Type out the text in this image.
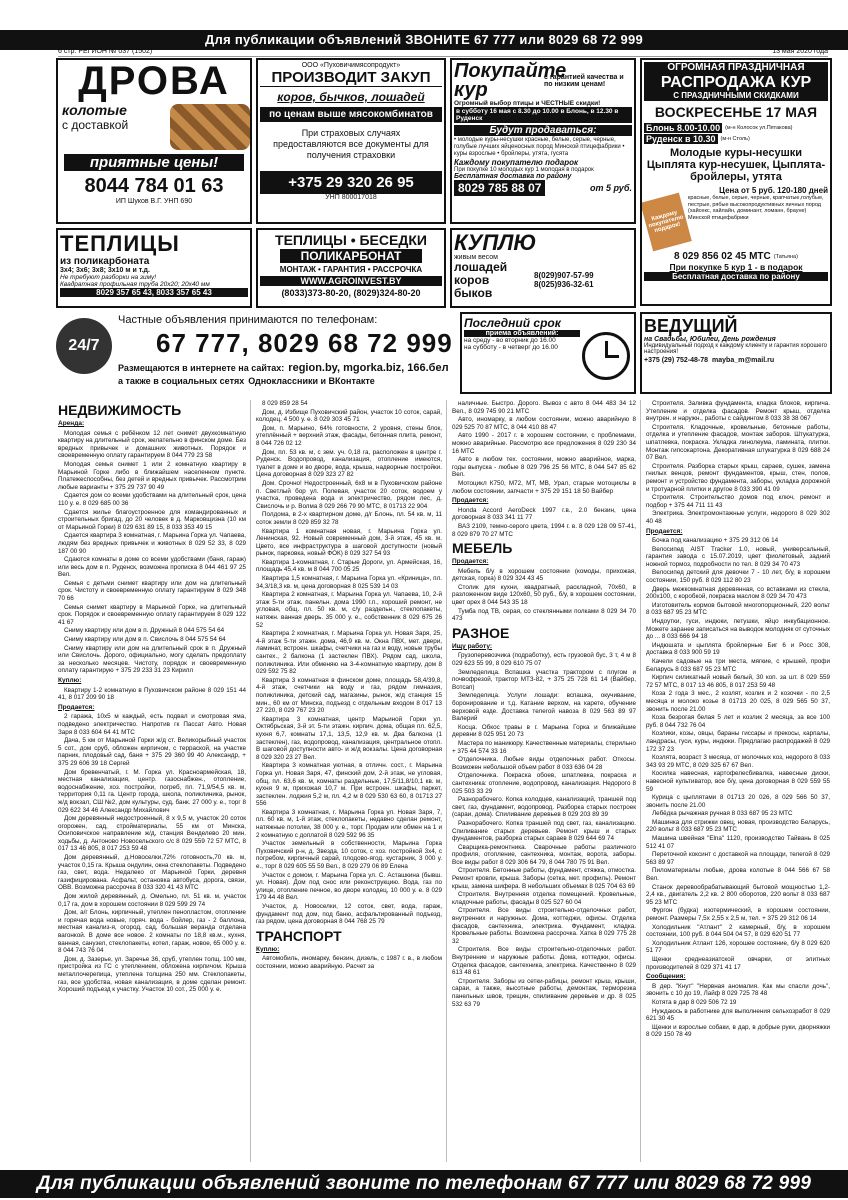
Для публикации объявлений ЗВОНИТЕ 67 777 или 8029 68 72 999
6 стр. РЕГИОН № 037 (1502)	13 мая 2020 года
ДРОВА
колотые
с доставкой
приятные цены!
8044 784 01 63
ИП Шуков В.Г. УНП 690
ООО «Пуховичимясопродукт»
ПРОИЗВОДИТ ЗАКУП
коров, бычков, лошадей
по ценам выше мясокомбинатов
При страховых случаях предоставляются все документы для получения страховки
+375 29 320 26 95
УНП 800017018
Покупайте кур
с гарантией качества и по низким ценам!
Огромный выбор птицы и ЧЕСТНЫЕ скидки!
в субботу 16 мая с 8.30 до 10.00 в Блонь, в 12.30 в Руденск
Будут продаваться:
• молодые куры-несушки красные, белые, серые, черные, голубые лучших яйценосных пород Минской птицефабрики • куры взрослые • бройлеры, утята, гусята
Каждому покупателю подарок
При покупке 10 молодых кур 1 молодая в подарок
Бесплатная доставка по району
8029 785 88 07	от 5 руб.
ОГРОМНАЯ ПРАЗДНИЧНАЯ
РАСПРОДАЖА КУР
С ПРАЗДНИЧНЫМИ СКИДКАМИ
ВОСКРЕСЕНЬЕ 17 МАЯ
Блонь 8.00-10.00 (м-н Колосок ул.Пятакова)
Руденск в 10.30 (м-н Столь)
Молодые куры-несушки Цыплята кур-несушек, Цыплята-бройлеры, утята
Цена от 5 руб. 120-180 дней
Каждому покупателю подарок!
красные, белые, серые, черные, крапчатые,голубые, пестрые, рябые высокопродуктивных яичных пород (хайсекс, хайлайн, доминант, ломанн, брауне) Минской птицефабрики
8 029 856 02 45 МТС (Татьяна)
При покупке 5 кур 1 - в подарок
Бесплатная доставка по району
ТЕПЛИЦЫ
из поликарбоната
3x4; 3x6; 3x8; 3x10 м и т.д.
Не требуют разборки на зиму!
Квадратная профильная труба 20x20; 20x40 мм
8029 357 65 43, 8033 357 65 43
ТЕПЛИЦЫ • БЕСЕДКИ
ПОЛИКАРБОНАТ
МОНТАЖ • ГАРАНТИЯ • РАССРОЧКА
WWW.AGROINVEST.BY
(8033)373-80-20, (8029)324-80-20
КУПЛЮ
живым весом
лошадей
коров
быков
8(029)907-57-99
8(025)936-32-61
24/7
Частные объявления принимаются по телефонам:
67 777, 8029 68 72 999
Размещаются в интернете на сайтах: region.by, mgorka.biz, 166.бел
а также в социальных сетях Одноклассники и ВКонтакте
Последний срок
приема объявлений:
на среду - во вторник до 16.00
на субботу - в четверг до 16.00
ВЕДУЩИЙ
на Свадьбы, Юбилеи, День рождения
Индивидуальный подход к каждому клиенту и гарантия хорошего настроения!
+375 (29) 752-48-78 mayba_m@mail.ru
НЕДВИЖИМОСТЬ
Аренда:

Молодая семья с ребёнком 12 лет снимет двухкомнатную квартиру на длительный срок, желательно в финском доме. Без вредных привычек и домашних животных. Порядок и своевременную оплату гарантируем 8 044 779 23 58

Молодая семья снимет 1 или 2 комнатную квартиру в Марьиной Горке либо в ближайшем населенном пункте. Платежеспособны, без детей и вредных привычек. Рассмотрим любые варианты + 375 29 737 90 49

Сдается дом со всеми удобствами на длительный срок, цена 110 у. е. 8 029 685 00 36

Сдается жилье благоустроенное для командированных и строительных бригад, до 20 человек в д. Марковщизна (10 км от Марьиной Горки) 8 029 631 89 15, 8 033 353 49 15

Сдается квартира 3 комнатная, г. Марьина Горка ул. Чапаева, людям без вредных привычек и животных 8 029 52 33, 8 029 187 00 90

Сдаются комнаты в доме со всеми удобствами (баня, гараж) или весь дом в п. Руденск, возможна прописка 8 044 461 97 25 Вел.

Семья с детьми снимет квартиру или дом на длительный срок. Чистоту и своевременную оплату гарантируем 8 029 348 70 66

Семья снимет квартиру в Марьиной Горке, на длительный срок. Порядок и своевременную оплату гарантируем 8 029 122 41 67

Сниму квартиру или дом в п. Дружный 8 044 575 54 64

Сниму квартиру или дом в п. Свислочь 8 044 575 54 64

Сниму квартиру или дом на длительный срок в п. Дружный или Свислочь. Дорого, официально, могу сделать предоплату за несколько месяцев. Чистоту, порядок и своевременную оплату гарантирую + 375 29 233 31 23 Кирилл

Куплю:

Квартиру 1-2 комнатную в Пуховичском районе 8 029 151 44 41, 8 017 209 90 18

Продается:

2 гаража, 10х5 м каждый, есть подвал и смотровая яма, подведено электричество. Напротив гк Пассат Авто. Новая Заря 8 033 604 64 41 МТС

Дача, 5 км от Марьиной Горки ж/д ст. Великорыбный участок 5 сот., дом сруб, обложен кирпичом, с терраской, на участке парник, плодовый сад, баня + 375 29 360 99 40 Александр, + 375 29 606 39 18 Сергей

Дом бревенчатый, г. М. Горка ул. Красноармейская, 18, местная канализация, центр. газоснабжен., отопление, водоснабжение, хоз. постройки, погреб, пл. 71,9/54,5 кв. м, территория 0,11 га. Центр города, школа, поликлиника, рынок, ж/д вокзал, СШ №2, дом культуры, суд, банк. 27 000 у. е., торг 8 029 622 34 46 Александр Михайлович

Дом деревянный недостроенный, 8 х 9,5 м, участок 20 соток огорожен, сад, стройматериалы, 55 км от Минска, Осиповичское направление ж/д, станция Венделево 20 мин. ходьбы, д. Антоново Новосельского с/с 8 029 559 72 57 МТС, 8 017 13 46 805, 8 017 253 59 48

Дом деревянный, д.Новоселки,72% готовность,70 кв. м, участок 0,15 га. Крыша ондулин, окна стеклопакеты. Подведено газ, свет, вода. Недалеко от Марьиной Горки, деревня газифицирована. Асфальт, остановка автобуса, дорога, связи, ОВВ. Возможна рассрочка 8 033 320 41 43 МТС

Дом жилой деревянный, д. Омельно, пл. 51 кв. м, участок 0,17 га, дом в хорошем состоянии 8 029 599 29 74

Дом, а/г Блонь, кирпичный, утеплен пенопластом, отопление и горячая вода новые, горяч. вода - бойлер, газ - 2 баллона, местная канализ-я, огород, сад, большая веранда отделана вагонкой. В доме все новое. 2 комнаты по 18,8 кв.м., кухня, ванная, санузел, стеклопакеты, котел, гараж, новое, 65 000 у. е. 8 044 743 76 04

Дом, д. Зазерье, ул. Заречье 36, сруб, утеплен толщ. 100 мм, пристройка из ГС с утеплением, обложена кирпичом. Крыша металлочерепица, утеплена толщина 250 мм. Стеклопакеты, газ, все удобства, новая канализация, в доме сделан ремонт. Хороший подъезд к участку. Участок 10 сот., 25 000 у. е.

8 029 859 28 54

Дом, д. Избище Пуховичский район, участок 10 соток, сарай, колодец, 4 500 у. е. 8 029 303 45 71

Дом, п. Марьино, 64% готовности, 2 уровня, стены блок, утеплённый + верхний этаж, фасады, бетонная плита, ремонт, 8 044 726 02 12

Дом, пл. 53 кв. м, с зем. уч. 0,18 га, расположен в центре г. Руденск. Водопровод, канализация, отопление имеются, туалет в доме и во дворе, вода, крыша, надворные постройки. Цена договорная 8 029 323 27 82

Дом. Срочно! Недостроенный, 6х8 м в Пуховичском районе п. Светлый бор ул. Полевая, участок 20 соток, водоем у участка, проведена вода и электричество, рядом лес, д. Свислочь и р. Волма 8 029 266 79 90 МТС, 8 01713 22 904

Полдома, в 2-х квартирном доме, д/г Блонь, пл. 54 кв. м, 11 соток земли 8 029 859 32 78

Квартира 1 комнатная новая, г. Марьина Горка ул. Ленинская, 92. Новый современный дом, 3-й этаж, 45 кв. м. Цвето, все инфраструктура в шаговой доступности (новый рынок, парковка, новый ФОК) 8 029 327 54 93

Квартира 1-комнатная, г. Старые Дороги, ул. Армейская, 16, площадь 45,4 кв. м 8 044 700 05 25

Квартира 1,5 комнатная, г. Марьина Горка ул. «Криница», пл. 34,3/18,3 кв. м, цена договорная 8 025 539 14 03

Квартира 2 комнатная, г. Марьина Горка ул. Чапаева, 10, 2-й этаж 5-ти этаж. панельн. дома 1990 г.п., хороший ремонт, не угловая, общ. пл. 50 кв. м, с/у раздельн., стеклопакеты, натяжн. ванная дверь. 35 000 у. е., собственник 8 029 675 26 52

Квартира 2 комнатная, г. Марьина Горка ул. Новая Заря, 25, 4-й этаж 5-ти этажн. дома, 46,9 кв. м. Окна ПВХ, мет. двери, ламинат, встроен. шкафы, счетчики на газ и воду, новые трубы сантех., 2 балкона (1 застеклен ПВХ). Рядом сад, школа, поликлиника. Или обменяю на 3-4-комнатную квартиру, дом 8 029 592 75 82

Квартира 3 комнатная в финском доме, площадь 58,4/39,8, 4-й этаж, счетчики на воду и газ, рядом гимназия, поликлиника, детский сад, магазины, рынок, ж/д станция 15 мин., 60 км от Минска, подъезд с отдельным входом 8 017 13 27 220, 8 029 767 23 20

Квартира 3 комнатная, центр Марьиной Горки ул. Октябрьская, 3-й эт. 5-ти этажн. кирпич. дома, общая пл. 62,5, кухня 6,7, комнаты 17,1, 13,5, 12,9 кв. м. Два балкона (1 застеклен), газ, водопровод, канализация, центральное отопл. В шаговой доступности авто- и ж/д вокзалы. Цена договорная 8 029 320 23 27 Вел.

Квартира 3 комнатная уютная, в отличн. сост., г. Марьина Горка ул. Новая Заря, 47, финский дом, 2-й этаж, не угловая, общ. пл. 63,6 кв. м, комнаты раздельные, 17,5/11,8/10,1 кв. м, кухня 9 м, прихожая 10,7 м. При встроен. шкафы, паркет, застеклен. лоджия 5,2 м, пл. 4,2 м 8 029 530 63 60, 8 01713 27 556

Квартира 3 комнатная, г. Марьина Горка ул. Новая Заря, 7, пл. 60 кв. м, 1-й этаж, стеклопакеты, недавно сделан ремонт, натяжные потолки, 38 000 у. е., торг. Продам или обмен на 1 и 2 комнатную с доплатой 8 029 592 96 35

Участок земельный в собственности, Марьина Горка Пуховичский р-н, д. Звезда, 10 соток, с хоз. постройкой 3х4, с погребом, кирпичный сарай, плодово-ягод. кустарник, 3 000 у. е., торг 8 029 605 55 59 Вел., 8 029 279 06 89 Елена

Участок с домом, г. Марьина Горка ул. С. Асташкина (бывш. ул. Новая). Дом под снос или реконструкцию. Вода, газ по улице, отопление печное, во дворе колодец, 10 000 у. е. 8 029 179 44 48 Вел.

Участок, д. Новоселки, 12 соток, свет, вода, гараж, фундамент под дом, под баню, асфальтированный подъезд, газ рядом, цена договорная 8 044 768 25 79

ТРАНСПОРТ
Куплю:

Автомобиль, иномарку, бензин, дизель, с 1987 г. в., в любом состоянии, можно аварийную. Расчет за

наличные. Быстро. Дорого. Вывоз с авто 8 044 483 34 12 Вел., 8 029 745 90 21 МТС

Авто, иномарку, в любом состоянии, можно аварийную 8 029 525 70 87 МТС, 8 044 410 88 47

Авто 1990 - 2017 г. в хорошем состоянии, с проблемами, можно аварийные. Рассмотрю все предложения 8 029 230 34 16 МТС

Авто в любом тех. состоянии, можно аварийное, марка, годы выпуска - любые 8 029 796 25 56 МТС, 8 044 547 85 62 Вел.

Мотоцикл К750, М72, МТ, МВ, Урал, старые мотоциклы в любом состоянии, запчасти + 375 29 151 18 50 Вайбер

Продается:

Honda Accord AeroDeck 1997 г.в., 2.0 бензин, цена договорная 8 033 341 11 77

ВАЗ 2109, темно-серого цвета, 1994 г. в. 8 029 128 09 57-41, 8 029 879 70 27 МТС

МЕБЕЛЬ
Продается:

Мебель б/у в хорошем состоянии (комоды, прихожая, детская, горка) 8 029 324 43 45

Столик для кухни, квадратный, раскладной, 70х60, в разложенном виде 120х60, 50 руб., б/у, в хорошем состоянии, цвет орех 8 044 543 35 18

Тумба под ТВ, серая, со стеклянными полками 8 029 34 70 473

РАЗНОЕ
Ищу работу:

Грузоперевозчика (подработку), есть грузовой бус, 3 т, 4 м 8 029 623 55 99, 8 029 610 75 07

Земледелица. Вспашка участка трактором с плугом и почвофрезой, трактор МТЗ-82, + 375 25 728 61 14 (Вайбер, Вотсап)

Земледелица. Услуги лошади: вспашка, окучивание, боронирование и т.д. Катание верхом, на карете, обучение верховой езде. Доставка телегой навоза 8 029 563 89 97 Валерий

Косца. Обкос травы в г. Марьина Горка и ближайшие деревни 8 025 951 20 73

Мастера по маникюру. Качественные материалы, стерильно + 375 44 574 33 16

Отделочника. Любые виды отделочных работ. Откосы. Возможен небольшой объем работ 8 033 636 04 28

Отделочника. Покраска обоев, шпатлевка, покраска и сантехника: отопление, водопровод, канализация. Недорого 8 025 503 33 29

Разнорабочего. Копка колодцев, канализаций, траншей под свет, газ, фундамент, водопровод. Разборка старых построек (сараи, дома). Спиливание деревьев 8 029 203 89 39

Разнорабочего. Копка траншей под свет, газ, канализацию. Спиливание старых деревьев. Ремонт крыш и старых фундаментов, разборка старых сараев 8 029 644 69 74

Сварщика-ремонтника. Сварочные работы различного профиля, отопление, сантехника, монтаж, ворота, заборы. Все виды работ 8 029 306 64 79, 8 044 780 75 91 Вел.

Строителя. Бетонные работы, фундамент, стяжка, отмостка. Ремонт кровли, крыша. Заборы (сетка, мет. профиль). Ремонт крыш, замена шифера. В небольших объемах 8 025 704 63 69

Строителя. Внутренняя отделка помещений. Кровельные, кладочные работы, фасады 8 025 527 60 04

Строителя. Все виды строительно-отделочных работ, внутренних и наружных. Дома, коттеджи, офисы. Отделка фасадов, сантехника, электрика. Фундамент, кладка. Кровельные работы. Возможна рассрочка. Хатка 8 029 775 28 32

Строителя. Все виды строительно-отделочных работ. Внутренние и наружные работы. Дома, коттеджи, офисы. Отделка фасадов, сантехника, электрика. Качественно 8 029 613 48 61

Строителя. Заборы из сетки-рабицы, ремонт крыш, крыши, сараи, а также, высотные работы, демонтаж, терморезка панельных швов, трещин, спиливание деревьев и др. 8 025 532 63 79

Строителя. Заливка фундамента, кладка блоков, кирпича. Утепление и отделка фасадов. Ремонт крыш, отделка внутрен. и наружн., работы с сайдингом 8 033 38 38 067

Строителя. Кладочные, кровельные, бетонные работы, отделка и утепление фасадов, монтаж заборов. Штукатурка, шпатлевка, покраска. Укладка линолеума, ламината, плитки. Монтаж гипсокартона. Декоративная штукатурка 8 029 688 24 07 Вел.

Строителя. Разборка старых крыш, сараев, сушек, замена гнилых венцов, ремонт фундаментов, крыш, стен, полов, ремонт и устройство фундамента, заборы, укладка дорожной и тротуарной плитки и другое 8 033 390 41 09

Строителя. Строительство домов под ключ, ремонт и подбор + 375 44 711 11 43

Электрика. Электромонтажные услуги, недорого 8 029 302 40 48

Продается:

Бочка под канализацию + 375 29 312 06 14

Велосипед AIST Tracker 1.0, новый, универсальный, гарантия завода с 15.07.2019, цвет фиолетовый, задний ножной тормоз, подробности по тел. 8 029 34 70 473

Велосипед детский для девочки 7 - 10 лет, б/у, в хорошем состоянии, 150 руб. 8 029 112 80 23

Дверь межкомнатная деревянная, со вставками из стекла, 200х100, с коробкой, покраска маслом 8 029 34 70 473

Изготовитель кормов бытовой многопорционный, 220 вольт 8 033 687 95 23 МТС

Индоутки, гуси, индюки, петушки, яйцо инкубационное. Можете заранее записаться на выводок молодняк от суточных до ... 8 033 666 94 18

Индюшата и цыплята бройлерные Биг 6 и Росс 308, доставка 8 033 900 59 19

Качели садовые на три места, мягкие, с крышей, профи Беларусь 8 033 687 95 23 МТС

Кирпич силикатный новый белый, 30 коп. за шт. 8 029 559 72 57 МТС, 8 017 13 46 805, 8 017 253 59 48

Коза 2 года 3 мес., 2 козлят, козлик и 2 козочки - по 2,5 месяца и молоко козье 8 01713 20 025, 8 029 565 50 37, звонить после 21.00

Коза безрогая белая 5 лет и козлик 2 месяца, за все 100 руб. 8 044 732 76 04

Козлики, козы, овцы, бараны гиссары и прекосы, карпалы, ландрасы, гуси, куры, индюки. Предлагаю распродажей 8 029 172 37 23

Козлята, возраст 3 месяца, от молочных коз, недорого 8 033 343 93 29 МТС, 8 029 325 67 67 Вел.

Косилка навесная, картофелесбивалка, навесные диски, навесной культиватор, все б/у, цена договорная 8 029 559 55 59

Курица с цыплятами 8 01713 20 026, 8 029 566 50 37, звонить после 21.00

Лебёдка рычажная ручная 8 033 687 95 23 МТС

Машинка для стрижки овец, новая, производство Беларусь, 220 вольт 8 033 687 95 23 МТС

Машина швейная "Elna" 1120, производство Тайвань 8 025 512 41 07

Переточной коксинт с доставкой на площади, телегой 8 029 563 89 97

Пиломатериалы любые, дрова колотые 8 044 566 67 58 Вел.

Станок деревообрабатывающий бытовой мощностью 1,2-2,4 кв., двигатель 2,2 кв. 2 800 оборотов, 220 вольт 8 033 687 95 23 МТС

Фургон (будка) изотермический, в хорошем состоянии, ремонт. Размеры 7,5х 2,55 х 2,5 м, тел. + 375 29 312 06 14

Холодильник "Атлант" 2 камерный, б/у, в хорошем состоянии, 100 руб. 8 044 504 04 57, 8 029 620 51 77

Холодильник Атлант 126, хорошее состояние, б/у 8 029 620 51 77

Щенки среднеазиатской овчарки, от элитных производителей 8 029 371 41 17

Сообщения:

В дер. "Кнут" "Нервная аномалия. Как мы спасли дочь", звонить с 10 до 19, Лайф 8 029 725 78 48

Котята в дар 8 029 506 72 19

Нуждаюсь в работнике для выполнения сельхозработ 8 029 621 30 45

Щенки и взрослые собаки, в дар, в добрые руки, дворняжки 8 029 150 78 49

Для публикации объявлений звоните по телефонам 67 777 или 8029 68 72 999
